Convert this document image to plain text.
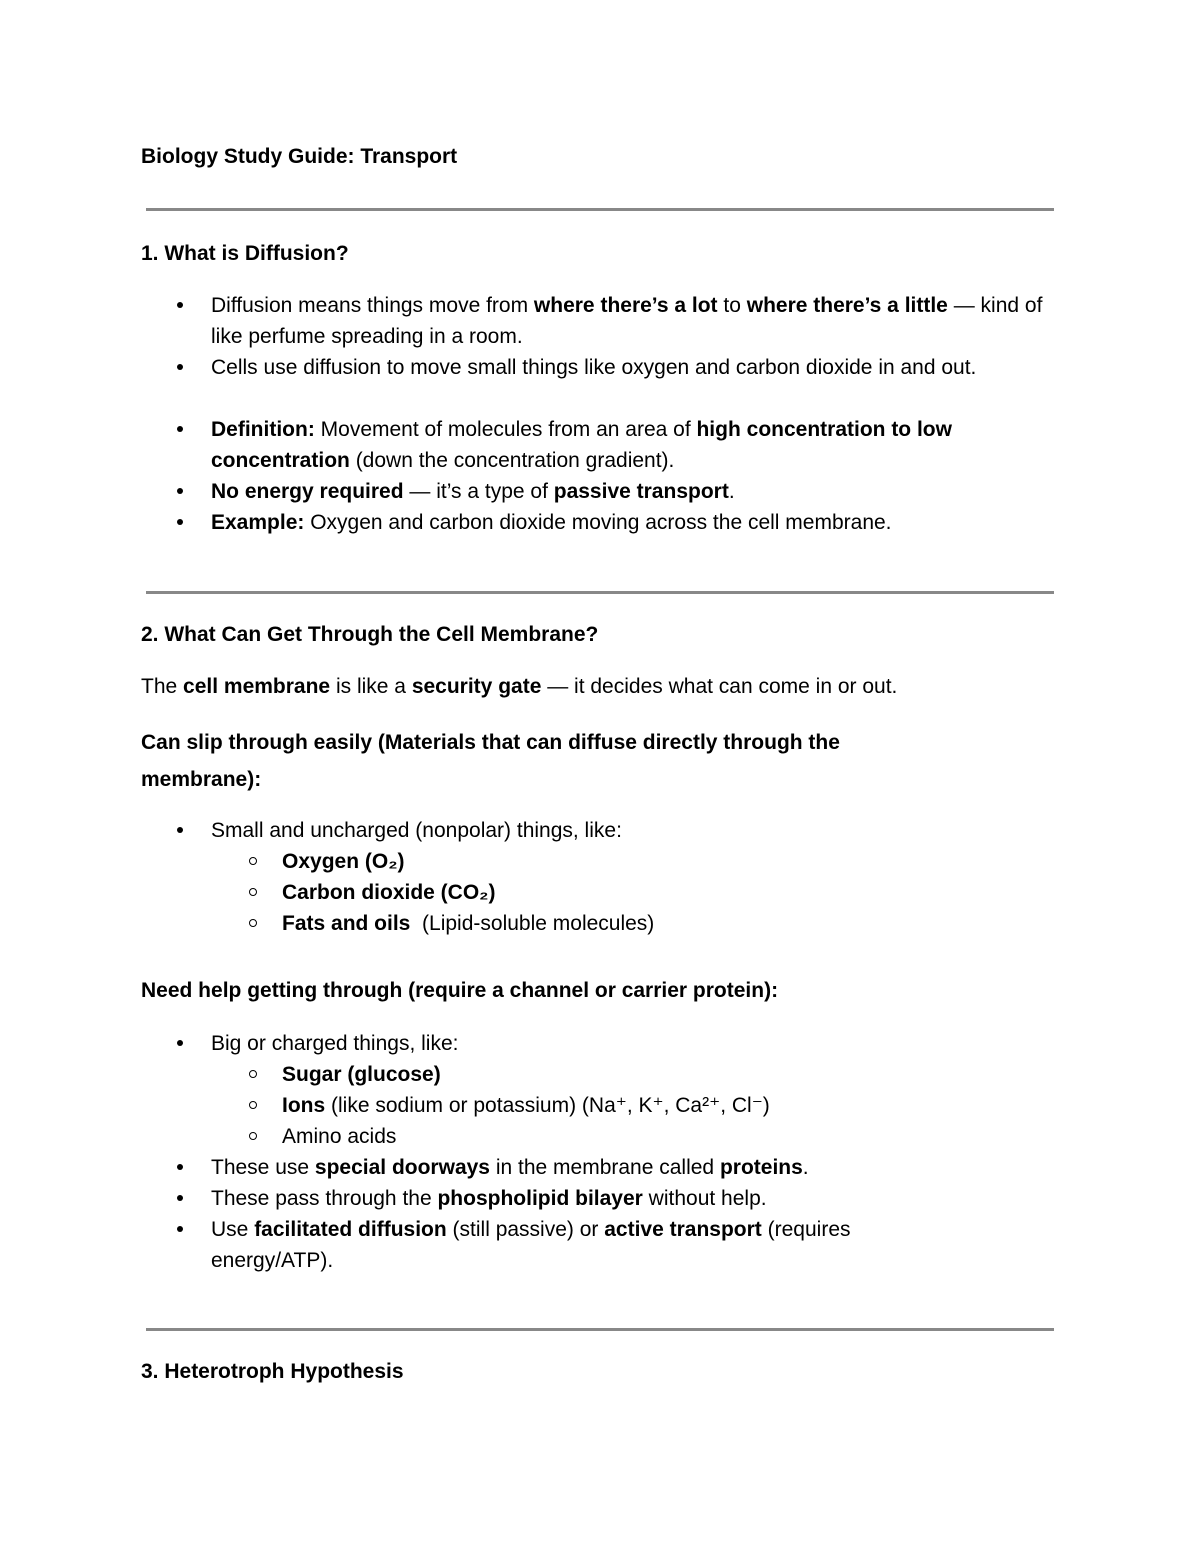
Biology Study Guide: Transport
1. What is Diffusion?
Diffusion means things move from where there’s a lot to where there’s a little — kind of like perfume spreading in a room.
Cells use diffusion to move small things like oxygen and carbon dioxide in and out.
Definition: Movement of molecules from an area of high concentration to low concentration (down the concentration gradient).
No energy required — it’s a type of passive transport.
Example: Oxygen and carbon dioxide moving across the cell membrane.
2. What Can Get Through the Cell Membrane?
The cell membrane is like a security gate — it decides what can come in or out.
Can slip through easily (Materials that can diffuse directly through the membrane):
Small and uncharged (nonpolar) things, like:
Oxygen (O₂)
Carbon dioxide (CO₂)
Fats and oils  (Lipid-soluble molecules)
Need help getting through (require a channel or carrier protein):
Big or charged things, like:
Sugar (glucose)
Ions (like sodium or potassium) (Na⁺, K⁺, Ca²⁺, Cl⁻)
Amino acids
These use special doorways in the membrane called proteins.
These pass through the phospholipid bilayer without help.
Use facilitated diffusion (still passive) or active transport (requires energy/ATP).
3. Heterotroph Hypothesis
